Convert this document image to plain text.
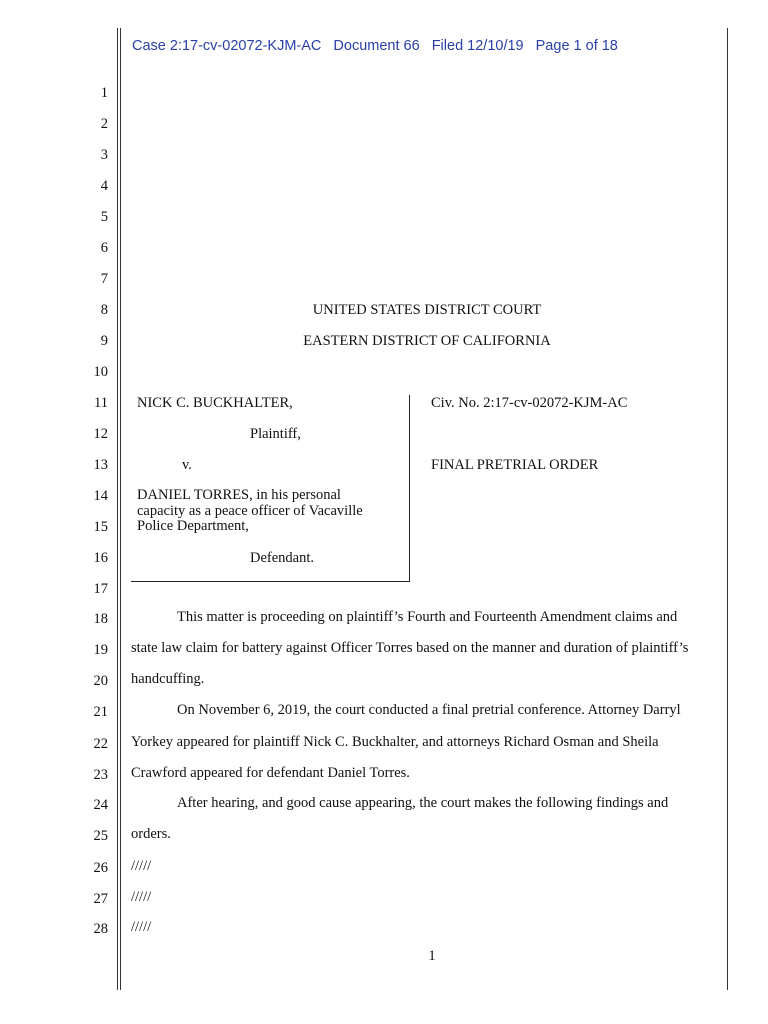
Case 2:17-cv-02072-KJM-AC Document 66 Filed 12/10/19 Page 1 of 18
1
2
3
4
5
6
7
8
9
10
11
12
13
14
15
16
17
18
19
20
21
22
23
24
25
26
27
28
UNITED STATES DISTRICT COURT
EASTERN DISTRICT OF CALIFORNIA
NICK C. BUCKHALTER,
Plaintiff,
v.
DANIEL TORRES, in his personal
capacity as a peace officer of Vacaville
Police Department,
Defendant.
Civ. No. 2:17-cv-02072-KJM-AC
FINAL PRETRIAL ORDER
This matter is proceeding on plaintiff’s Fourth and Fourteenth Amendment claims and
state law claim for battery against Officer Torres based on the manner and duration of plaintiff’s
handcuffing.
On November 6, 2019, the court conducted a final pretrial conference. Attorney Darryl
Yorkey appeared for plaintiff Nick C. Buckhalter, and attorneys Richard Osman and Sheila
Crawford appeared for defendant Daniel Torres.
After hearing, and good cause appearing, the court makes the following findings and
orders.
/////
/////
/////
1
